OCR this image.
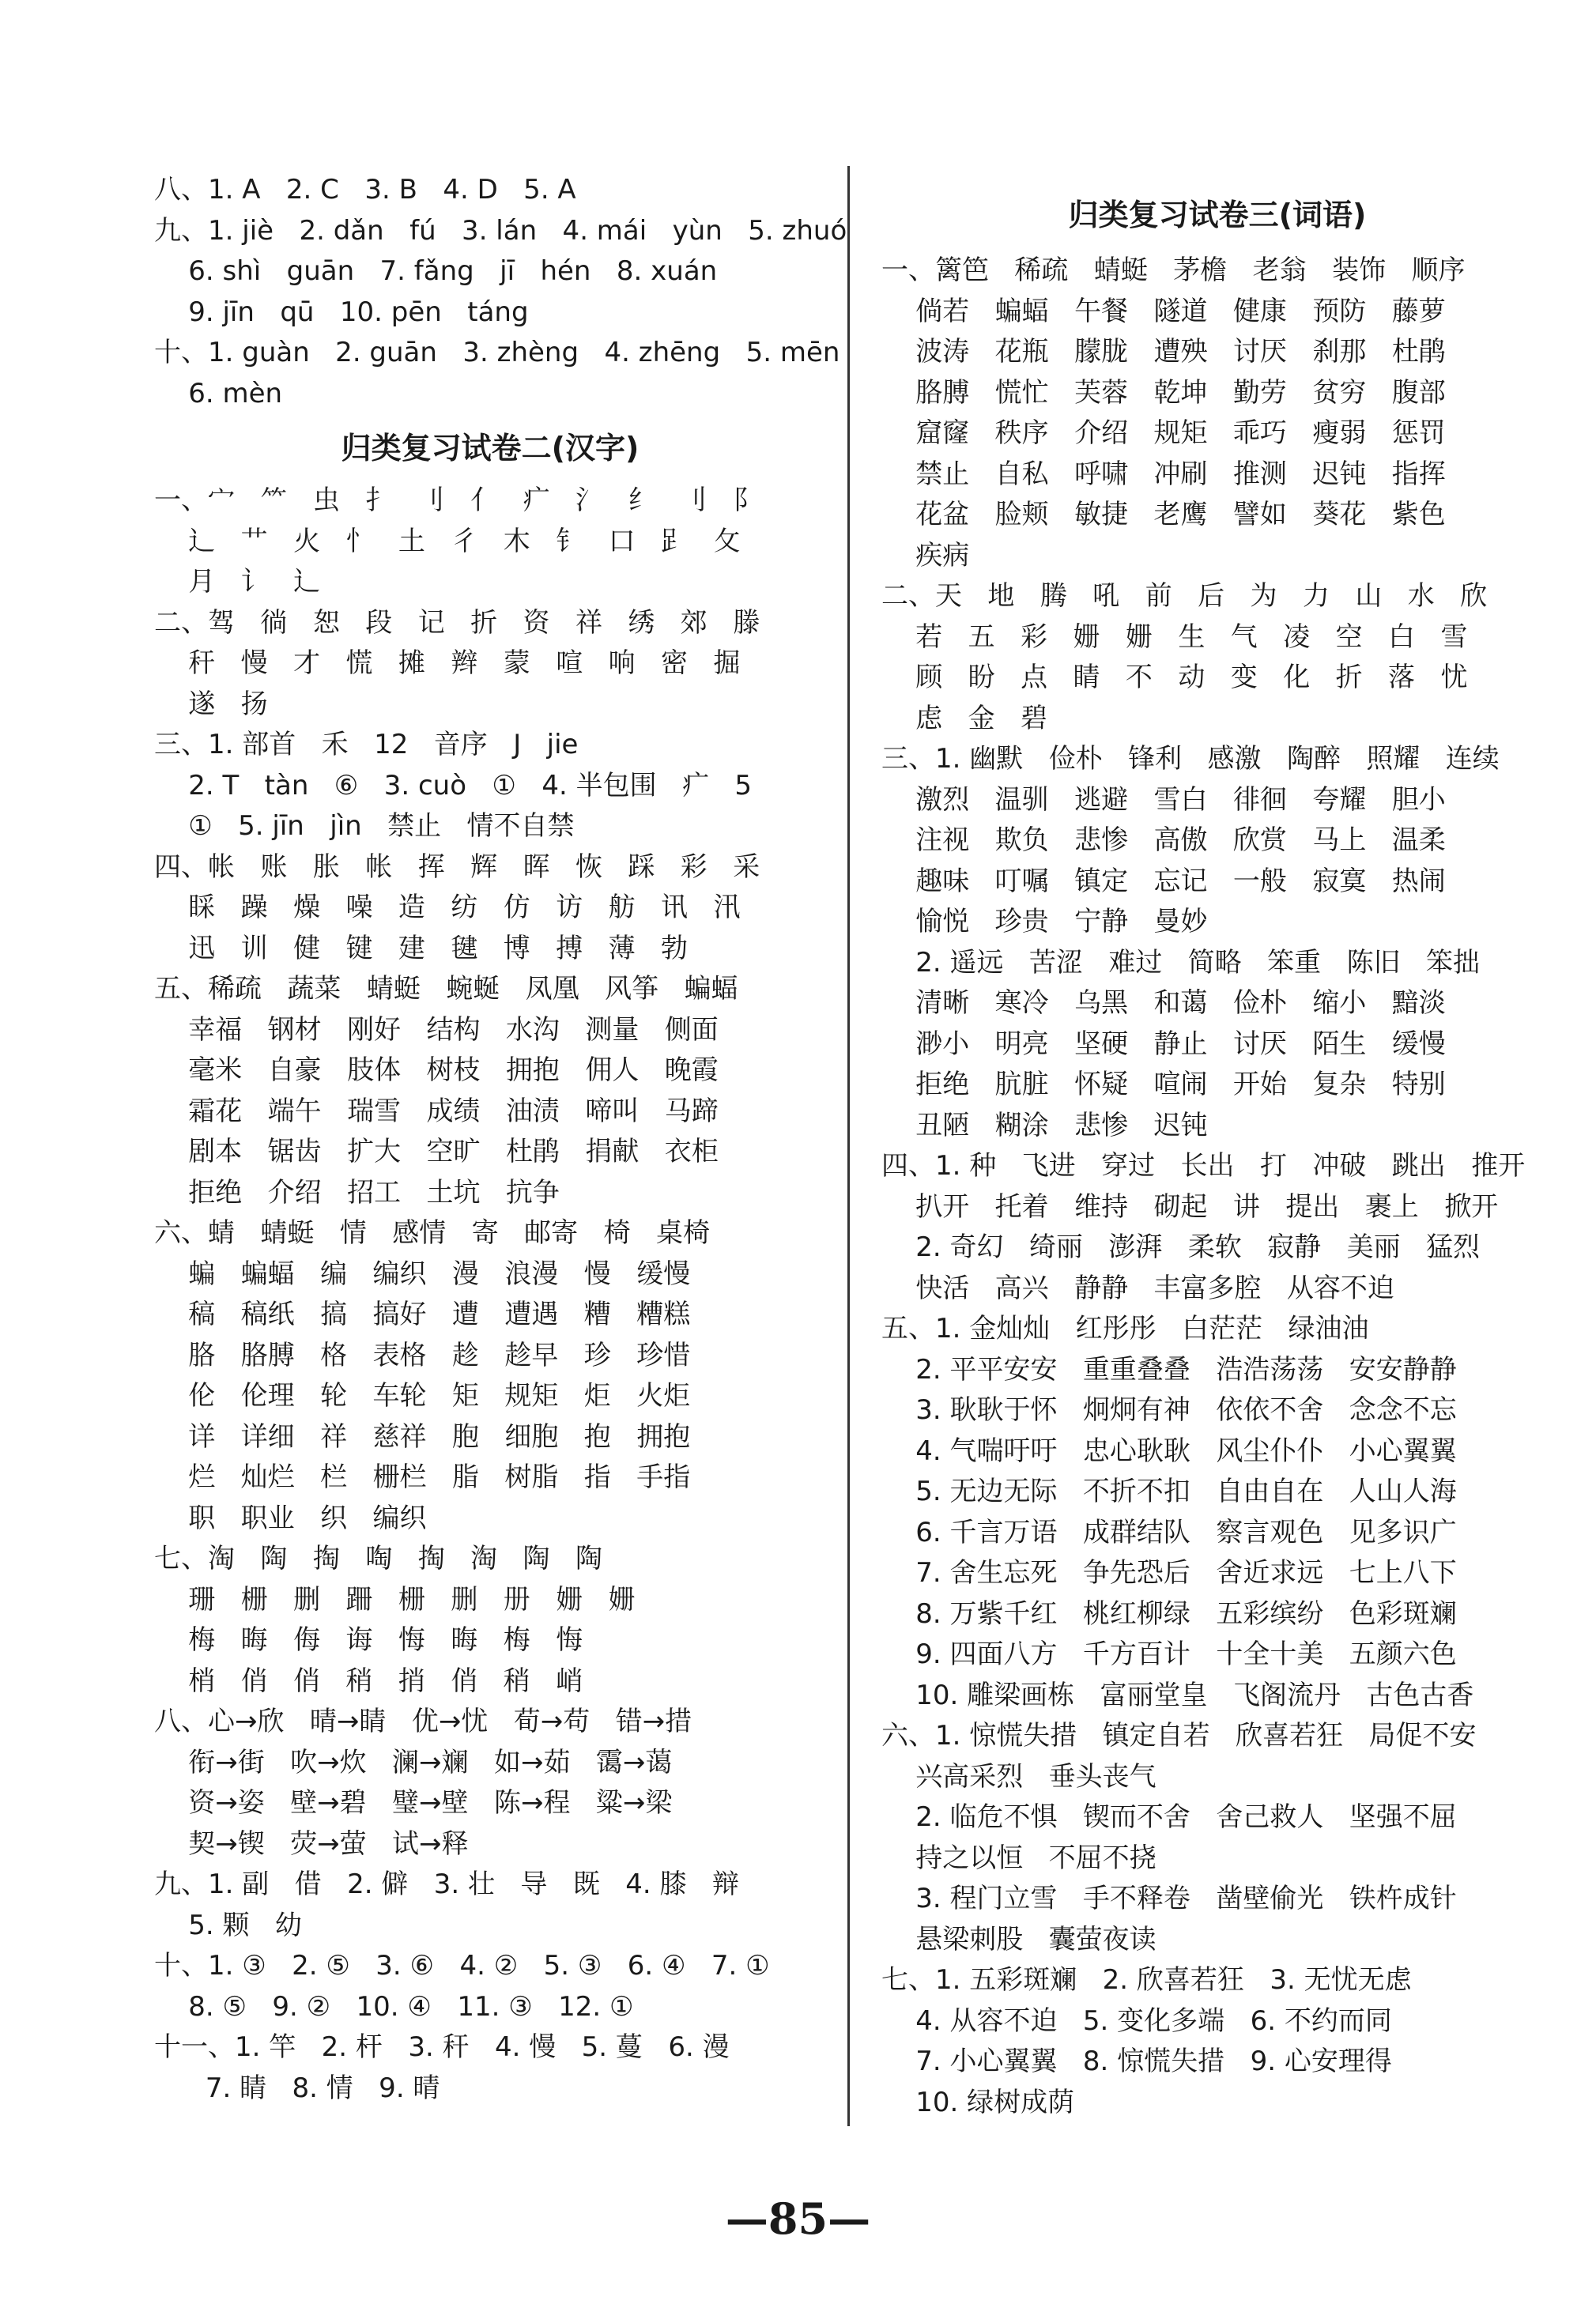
八、1. A   2. C   3. B   4. D   5. A
九、1. jiè   2. dǎn   fú   3. lán   4. mái   yùn   5. zhuó
6. shì   guān   7. fǎng   jī   hén   8. xuán
9. jīn   qū   10. pēn   táng
十、1. guàn   2. guān   3. zhèng   4. zhēng   5. mēn
6. mèn
归类复习试卷二(汉字)
一、宀   ⺮   虫   扌   刂   亻   疒   氵   纟   刂   阝
辶   艹   火   忄   土   彳   木   钅   口   𧾷   攵
月   讠   辶
二、驾   徜   恕   段   记   折   资   祥   绣   郊   滕
秆   慢   才   慌   摊   辫   蒙   喧   响   密   掘
遂   扬
三、1. 部首   禾   12   音序   J   jie
2. T   tàn   ⑥   3. cuò   ①   4. 半包围   疒   5
①   5. jīn   jìn   禁止   情不自禁
四、帐   账   胀   帐   挥   辉   晖   恢   踩   彩   采
睬   躁   燥   噪   造   纺   仿   访   舫   讯   汛
迅   训   健   键   建   毽   博   搏   薄   勃
五、稀疏   蔬菜   蜻蜓   蜿蜒   凤凰   风筝   蝙蝠
幸福   钢材   刚好   结构   水沟   测量   侧面
毫米   自豪   肢体   树枝   拥抱   佣人   晚霞
霜花   端午   瑞雪   成绩   油渍   啼叫   马蹄
剧本   锯齿   扩大   空旷   杜鹃   捐献   衣柜
拒绝   介绍   招工   土坑   抗争
六、蜻   蜻蜓   情   感情   寄   邮寄   椅   桌椅
蝙   蝙蝠   编   编织   漫   浪漫   慢   缓慢
稿   稿纸   搞   搞好   遭   遭遇   糟   糟糕
胳   胳膊   格   表格   趁   趁早   珍   珍惜
伦   伦理   轮   车轮   矩   规矩   炬   火炬
详   详细   祥   慈祥   胞   细胞   抱   拥抱
烂   灿烂   栏   栅栏   脂   树脂   指   手指
职   职业   织   编织
七、淘   陶   掏   啕   掏   淘   陶   陶
珊   栅   删   跚   栅   删   册   姗   姗
梅   晦   侮   诲   悔   晦   梅   悔
梢   俏   俏   稍   捎   俏   稍   峭
八、心→欣   晴→睛   优→忧   荀→苟   错→措
衔→街   吹→炊   澜→斓   如→茹   霭→蔼
资→姿   壁→碧   璧→壁   陈→程   粱→梁
契→锲   荧→萤   试→释
九、1. 副   借   2. 僻   3. 壮   导   既   4. 膝   辩
5. 颗   幼
十、1. ③   2. ⑤   3. ⑥   4. ②   5. ③   6. ④   7. ①
8. ⑤   9. ②   10. ④   11. ③   12. ①
十一、1. 竿   2. 杆   3. 秆   4. 慢   5. 蔓   6. 漫
7. 睛   8. 情   9. 晴
归类复习试卷三(词语)
一、篱笆   稀疏   蜻蜓   茅檐   老翁   装饰   顺序
倘若   蝙蝠   午餐   隧道   健康   预防   藤萝
波涛   花瓶   朦胧   遭殃   讨厌   刹那   杜鹃
胳膊   慌忙   芙蓉   乾坤   勤劳   贫穷   腹部
窟窿   秩序   介绍   规矩   乖巧   瘦弱   惩罚
禁止   自私   呼啸   冲刷   推测   迟钝   指挥
花盆   脸颊   敏捷   老鹰   譬如   葵花   紫色
疾病
二、天   地   腾   吼   前   后   为   力   山   水   欣
若   五   彩   姗   姗   生   气   凌   空   白   雪
顾   盼   点   睛   不   动   变   化   折   落   忧
虑   金   碧
三、1. 幽默   俭朴   锋利   感激   陶醉   照耀   连续
激烈   温驯   逃避   雪白   徘徊   夸耀   胆小
注视   欺负   悲惨   高傲   欣赏   马上   温柔
趣味   叮嘱   镇定   忘记   一般   寂寞   热闹
愉悦   珍贵   宁静   曼妙
2. 遥远   苦涩   难过   简略   笨重   陈旧   笨拙
清晰   寒冷   乌黑   和蔼   俭朴   缩小   黯淡
渺小   明亮   坚硬   静止   讨厌   陌生   缓慢
拒绝   肮脏   怀疑   喧闹   开始   复杂   特别
丑陋   糊涂   悲惨   迟钝
四、1. 种   飞进   穿过   长出   打   冲破   跳出   推开
扒开   托着   维持   砌起   讲   提出   裹上   掀开
2. 奇幻   绮丽   澎湃   柔软   寂静   美丽   猛烈
快活   高兴   静静   丰富多腔   从容不迫
五、1. 金灿灿   红彤彤   白茫茫   绿油油
2. 平平安安   重重叠叠   浩浩荡荡   安安静静
3. 耿耿于怀   炯炯有神   依依不舍   念念不忘
4. 气喘吁吁   忠心耿耿   风尘仆仆   小心翼翼
5. 无边无际   不折不扣   自由自在   人山人海
6. 千言万语   成群结队   察言观色   见多识广
7. 舍生忘死   争先恐后   舍近求远   七上八下
8. 万紫千红   桃红柳绿   五彩缤纷   色彩斑斓
9. 四面八方   千方百计   十全十美   五颜六色
10. 雕梁画栋   富丽堂皇   飞阁流丹   古色古香
六、1. 惊慌失措   镇定自若   欣喜若狂   局促不安
兴高采烈   垂头丧气
2. 临危不惧   锲而不舍   舍己救人   坚强不屈
持之以恒   不屈不挠
3. 程门立雪   手不释卷   凿壁偷光   铁杵成针
悬梁刺股   囊萤夜读
七、1. 五彩斑斓   2. 欣喜若狂   3. 无忧无虑
4. 从容不迫   5. 变化多端   6. 不约而同
7. 小心翼翼   8. 惊慌失措   9. 心安理得
10. 绿树成荫
—85—
